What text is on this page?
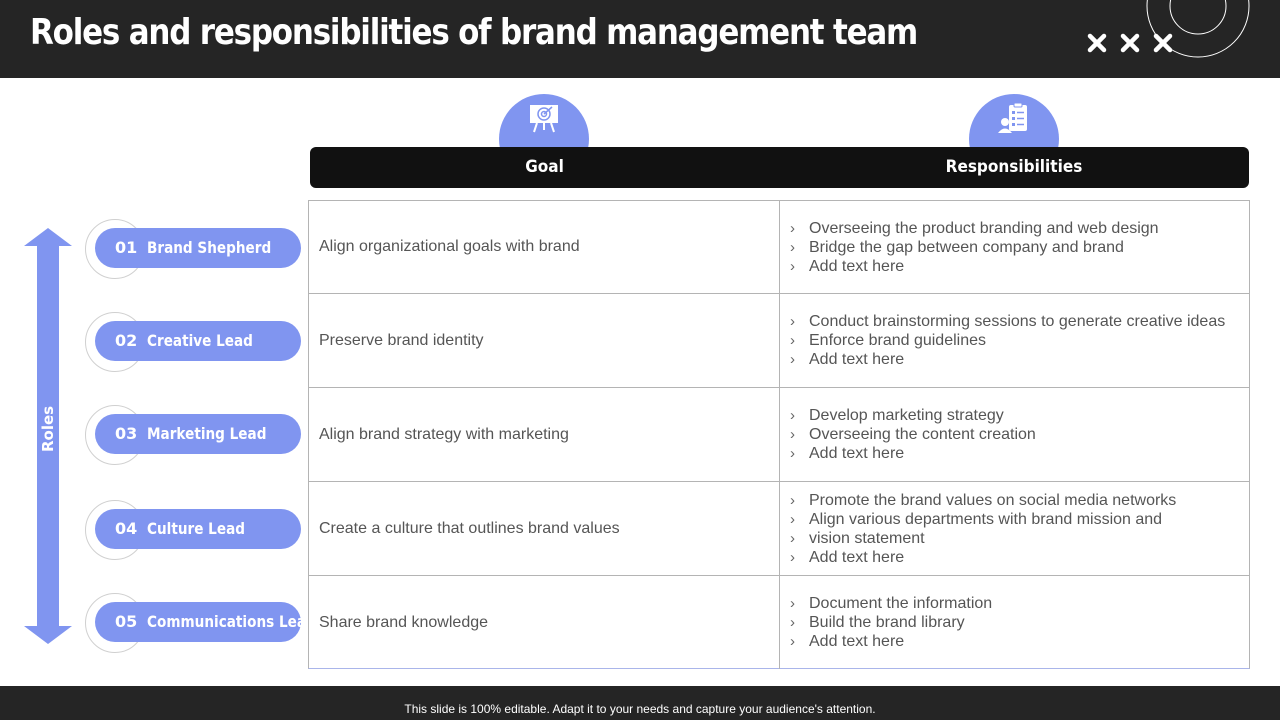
Roles and responsibilities of brand management team
Goal	Responsibilities
Roles
01 Brand Shepherd
02 Creative Lead
03 Marketing Lead
04 Culture Lead
05 Communications Lead
Align organizational goals with brand
› Overseeing the product branding and web design
› Bridge the gap between company and brand
› Add text here
Preserve brand identity
› Conduct brainstorming sessions to generate creative ideas
› Enforce brand guidelines
› Add text here
Align brand strategy with marketing
› Develop marketing strategy
› Overseeing the content creation
› Add text here
Create a culture that outlines brand values
› Promote the brand values on social media networks
› Align various departments with brand mission and
› vision statement
› Add text here
Share brand knowledge
› Document the information
› Build the brand library
› Add text here
This slide is 100% editable. Adapt it to your needs and capture your audience's attention.
